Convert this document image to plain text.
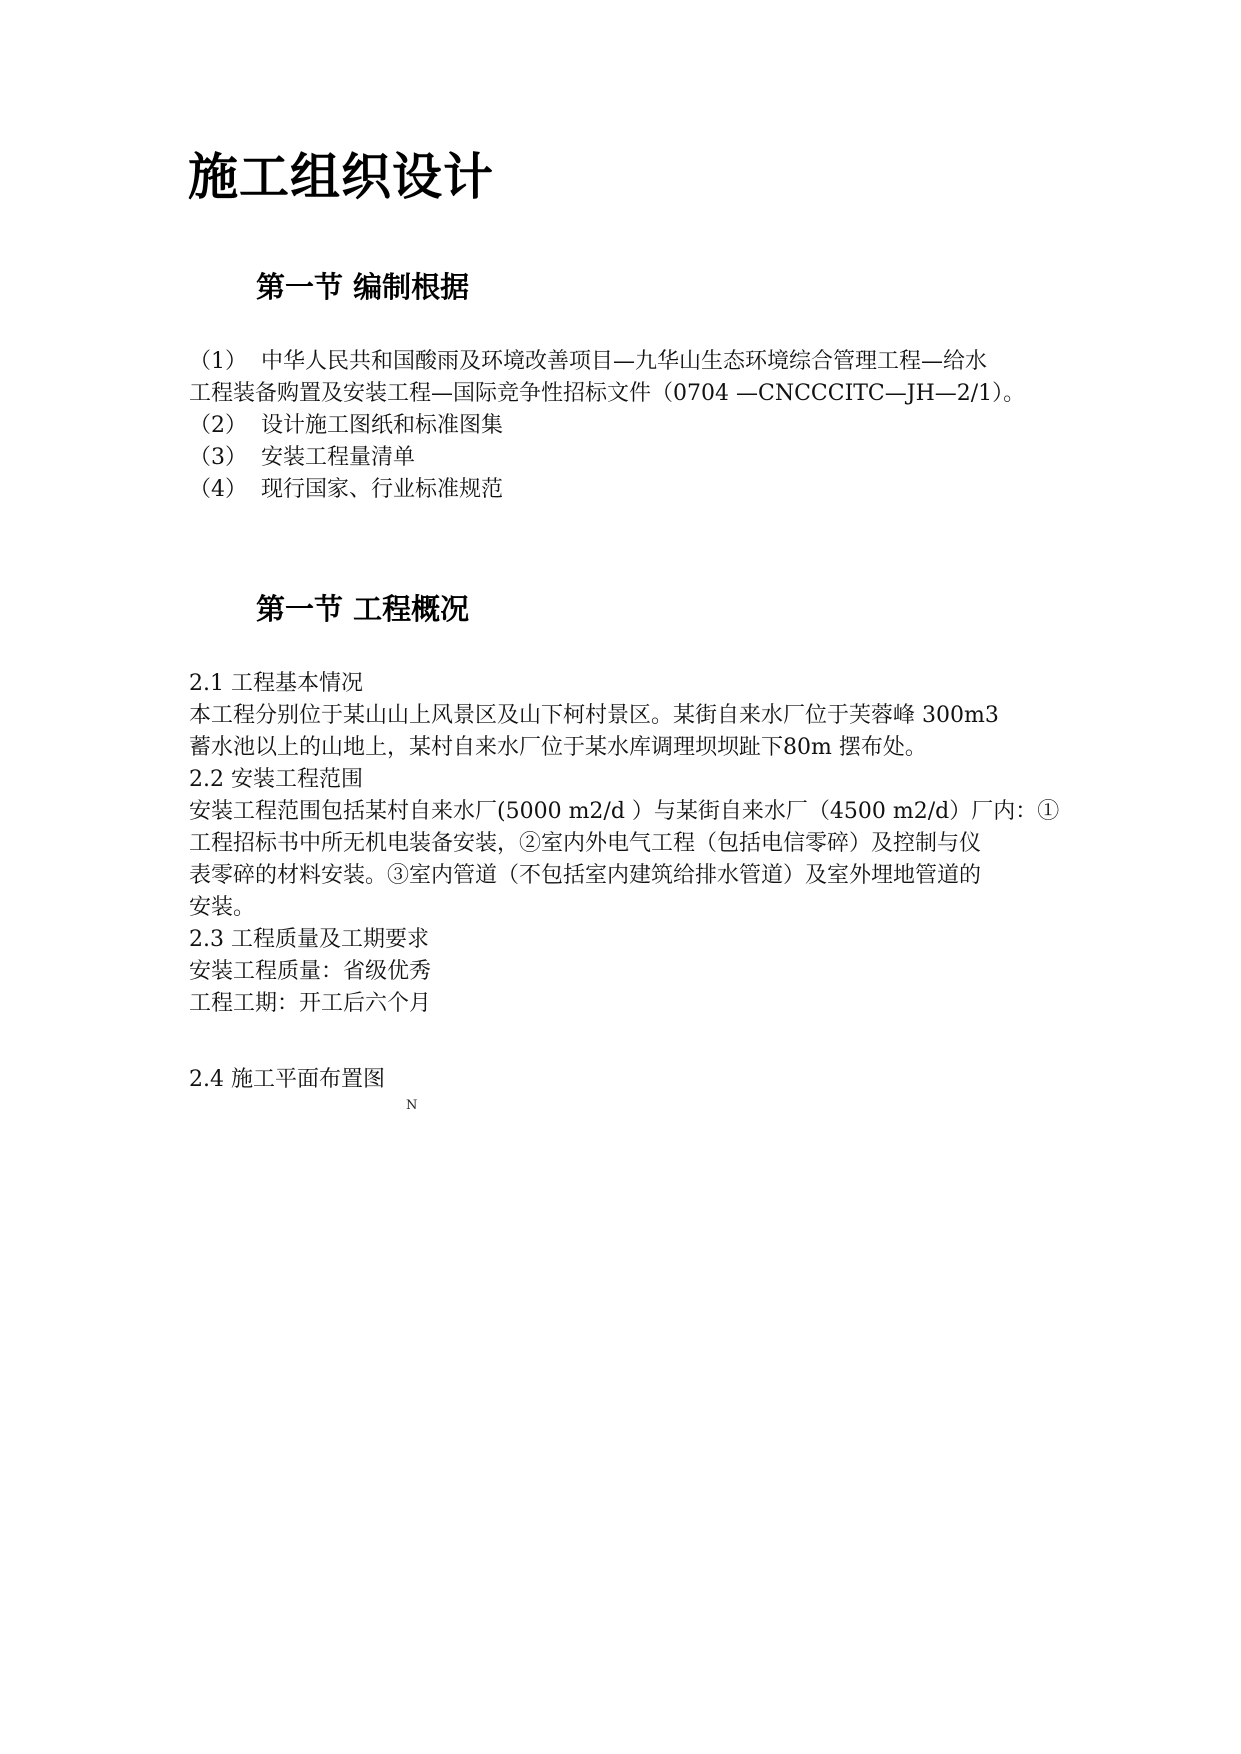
施工组织设计
第一节 编制根据

（1） 中华人民共和国酸雨及环境改善项目—九华山生态环境综合管理工程—给水

工程装备购置及安装工程—国际竞争性招标文件（0704 —CNCCCITC—JH—2/1）。

（2） 设计施工图纸和标准图集

（3） 安装工程量清单

（4） 现行国家、行业标准规范

第一节 工程概况

2.1 工程基本情况

本工程分别位于某山山上风景区及山下柯村景区。某街自来水厂位于芙蓉峰 300m3

蓄水池以上的山地上，某村自来水厂位于某水库调理坝坝趾下80m 摆布处。

2.2 安装工程范围

安装工程范围包括某村自来水厂(5000 m2/d ）与某街自来水厂（4500 m2/d）厂内：①

工程招标书中所无机电装备安装，②室内外电气工程（包括电信零碎）及控制与仪

表零碎的材料安装。③室内管道（不包括室内建筑给排水管道）及室外埋地管道的

安装。

2.3 工程质量及工期要求

安装工程质量：省级优秀

工程工期：开工后六个月

2.4 施工平面布置图

N
